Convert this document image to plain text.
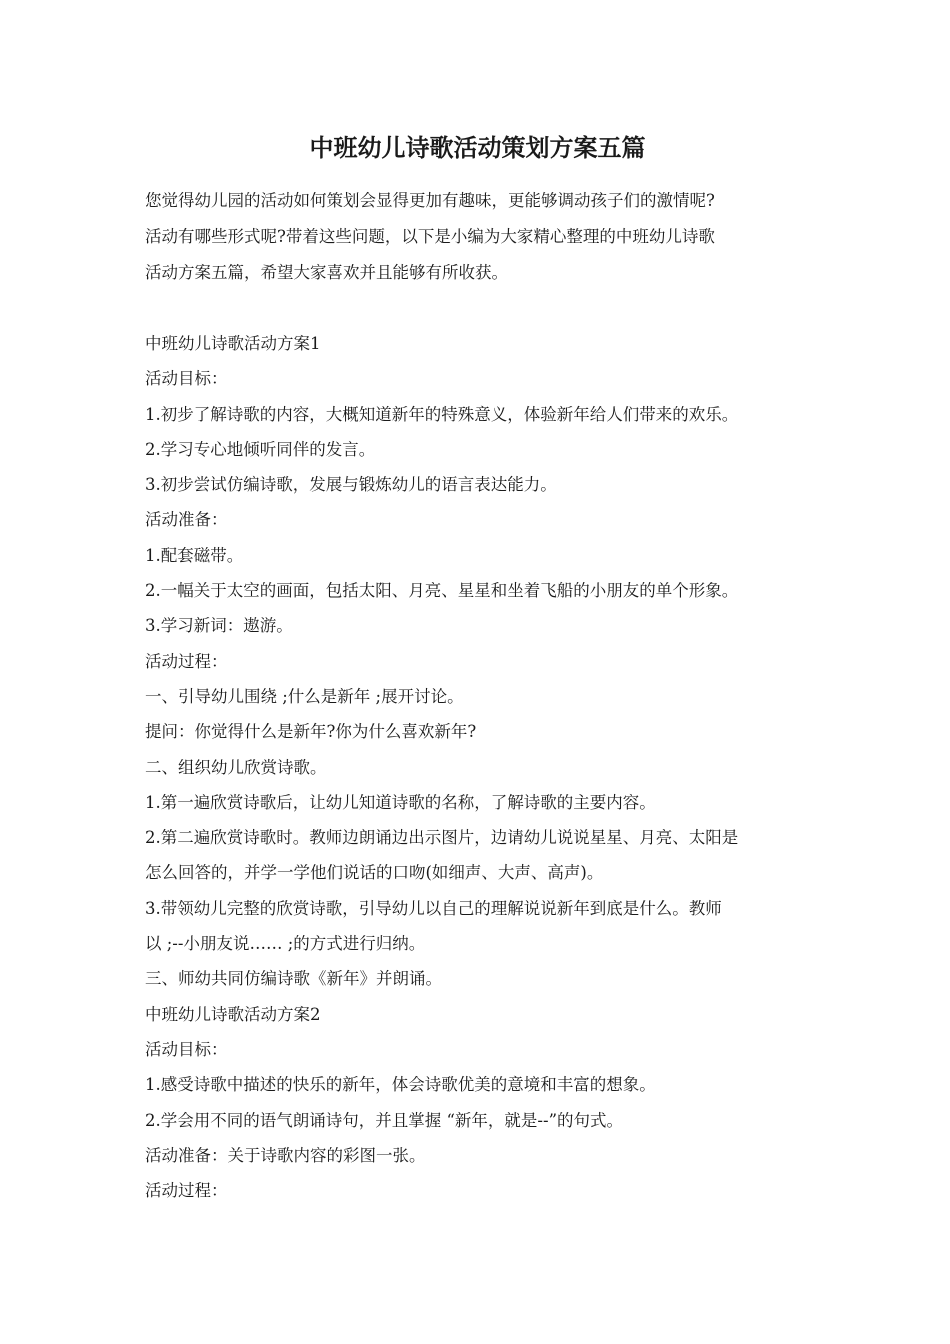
中班幼儿诗歌活动策划方案五篇
您觉得幼儿园的活动如何策划会显得更加有趣味，更能够调动孩子们的激情呢?
活动有哪些形式呢?带着这些问题，以下是小编为大家精心整理的中班幼儿诗歌
活动方案五篇，希望大家喜欢并且能够有所收获。
中班幼儿诗歌活动方案1
活动目标：
1.初步了解诗歌的内容，大概知道新年的特殊意义，体验新年给人们带来的欢乐。
2.学习专心地倾听同伴的发言。
3.初步尝试仿编诗歌，发展与锻炼幼儿的语言表达能力。
活动准备：
1.配套磁带。
2.一幅关于太空的画面，包括太阳、月亮、星星和坐着飞船的小朋友的单个形象。
3.学习新词：遨游。
活动过程：
一、引导幼儿围绕 ;什么是新年 ;展开讨论。
提问：你觉得什么是新年?你为什么喜欢新年?
二、组织幼儿欣赏诗歌。
1.第一遍欣赏诗歌后，让幼儿知道诗歌的名称，了解诗歌的主要内容。
2.第二遍欣赏诗歌时。教师边朗诵边出示图片，边请幼儿说说星星、月亮、太阳是
怎么回答的，并学一学他们说话的口吻(如细声、大声、高声)。
3.带领幼儿完整的欣赏诗歌，引导幼儿以自己的理解说说新年到底是什么。教师
以 ;--小朋友说…… ;的方式进行归纳。
三、师幼共同仿编诗歌《新年》并朗诵。
中班幼儿诗歌活动方案2
活动目标：
1.感受诗歌中描述的快乐的新年，体会诗歌优美的意境和丰富的想象。
2.学会用不同的语气朗诵诗句，并且掌握 “新年，就是--”的句式。
活动准备：关于诗歌内容的彩图一张。
活动过程：
